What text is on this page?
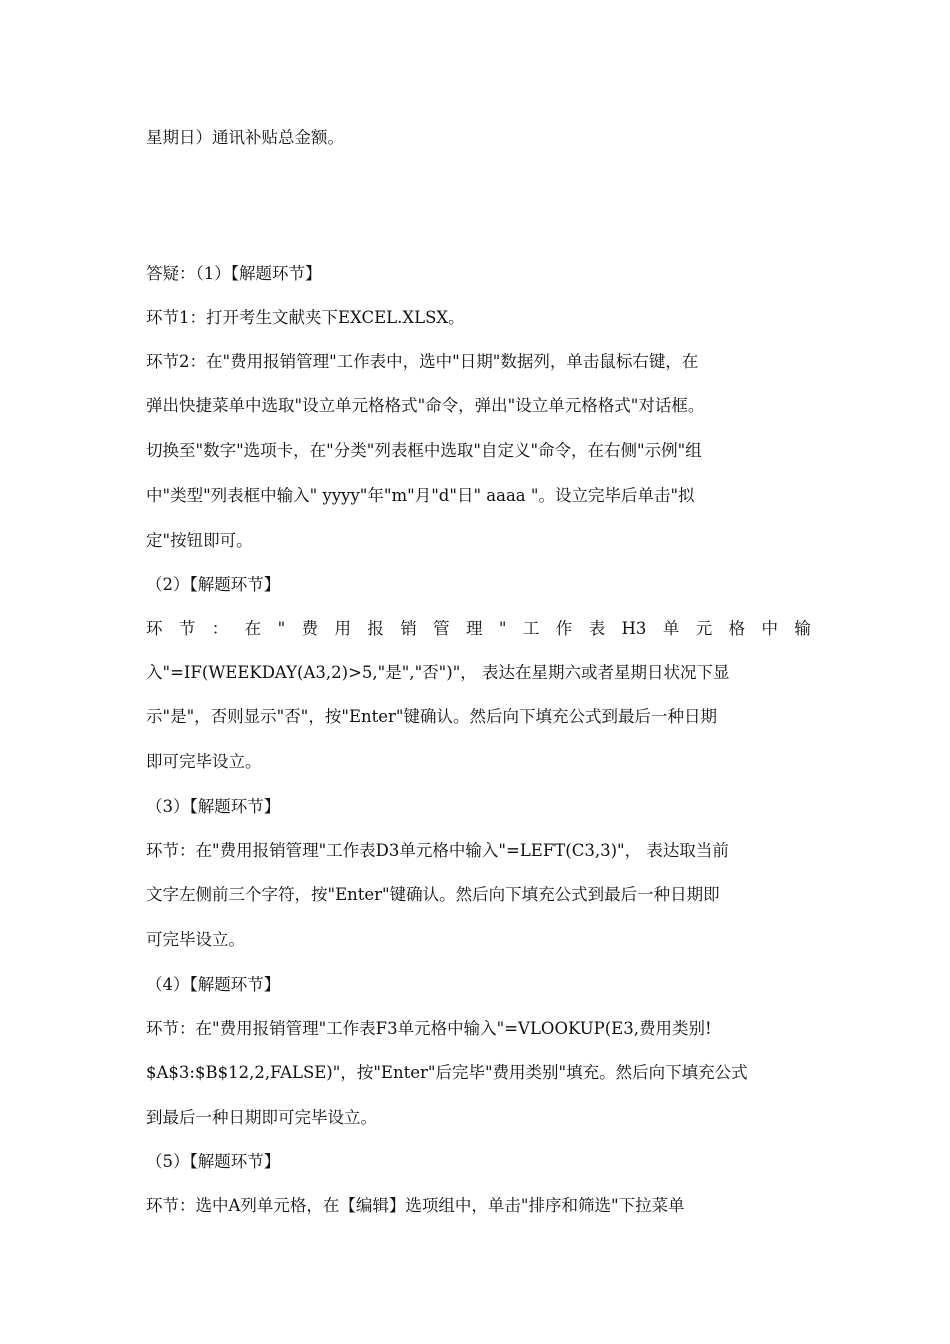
星期日）通讯补贴总金额。
答疑：（1）【解题环节】
环节1：打开考生文献夹下EXCEL.XLSX。
环节2：在"费用报销管理"工作表中，选中"日期"数据列，单击鼠标右键，在
弹出快捷菜单中选取"设立单元格格式"命令，弹出"设立单元格格式"对话框。
切换至"数字"选项卡，在"分类"列表框中选取"自定义"命令，在右侧"示例"组
中"类型"列表框中输入" yyyy"年"m"月"d"日" aaaa "。设立完毕后单击"拟
定"按钮即可。
（2）【解题环节】
环 节 ： 在 " 费 用 报 销 管 理 " 工 作 表 H3 单 元 格 中 输
入"=IF(WEEKDAY(A3,2)>5,"是","否")"， 表达在星期六或者星期日状况下显
示"是"，否则显示"否"，按"Enter"键确认。然后向下填充公式到最后一种日期
即可完毕设立。
（3）【解题环节】
环节：在"费用报销管理"工作表D3单元格中输入"=LEFT(C3,3)"， 表达取当前
文字左侧前三个字符，按"Enter"键确认。然后向下填充公式到最后一种日期即
可完毕设立。
（4）【解题环节】
环节：在"费用报销管理"工作表F3单元格中输入"=VLOOKUP(E3,费用类别!
$A$3:$B$12,2,FALSE)"，按"Enter"后完毕"费用类别"填充。然后向下填充公式
到最后一种日期即可完毕设立。
（5）【解题环节】
环节：选中A列单元格，在【编辑】选项组中，单击"排序和筛选"下拉菜单
